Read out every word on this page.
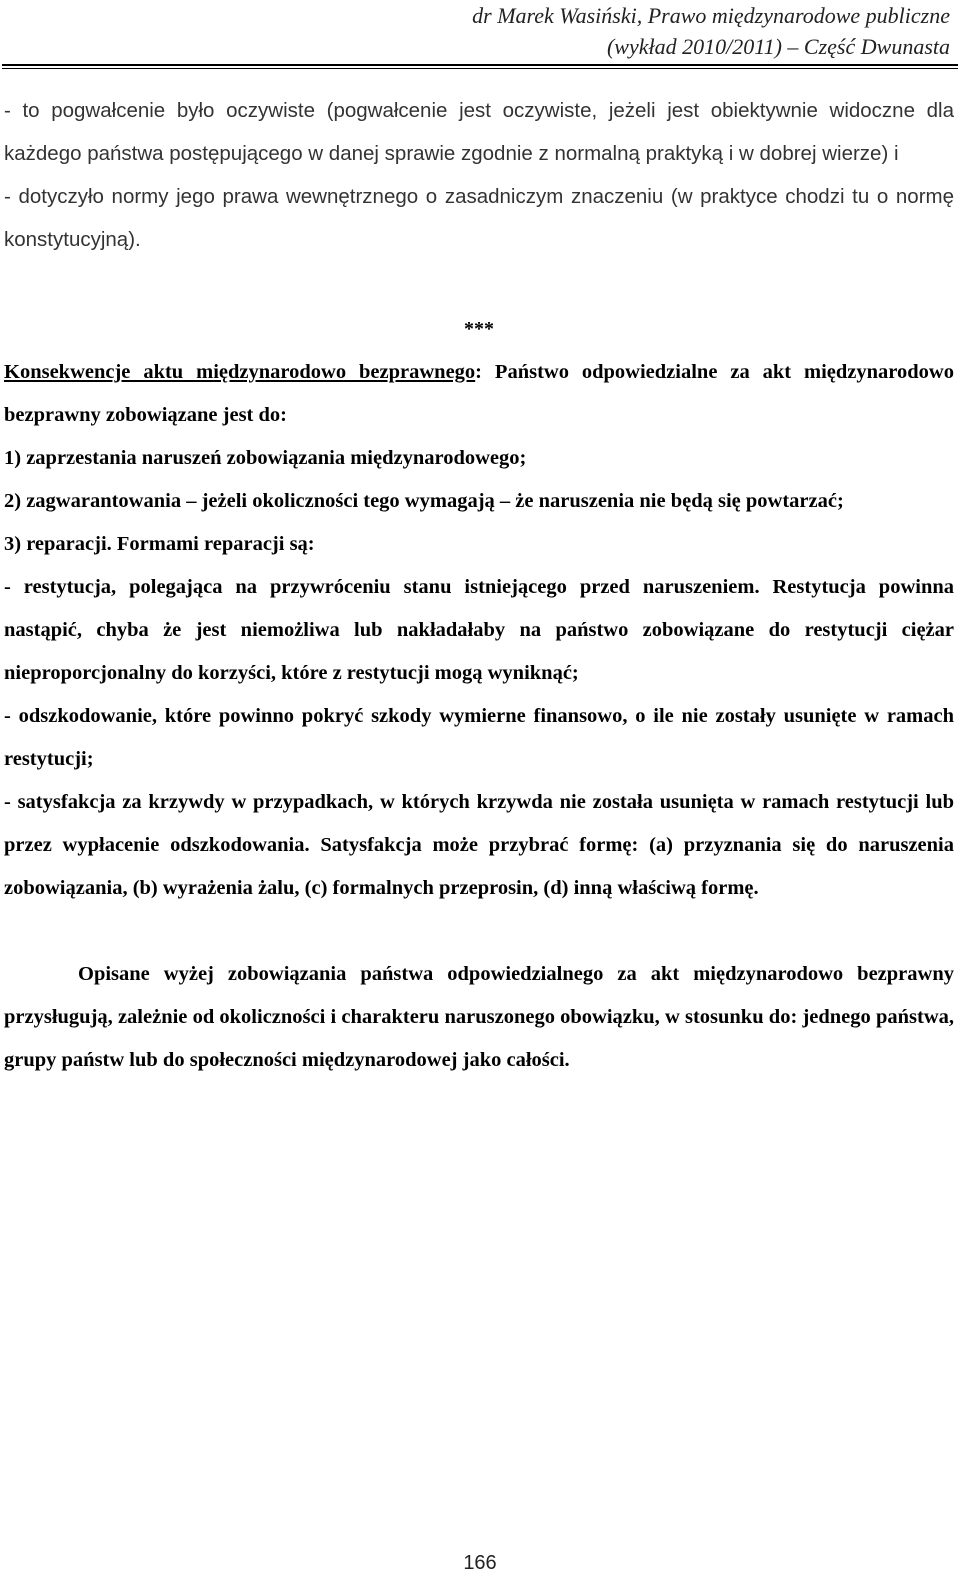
dr Marek Wasiński, Prawo międzynarodowe publiczne
(wykład 2010/2011) – Część Dwunasta

- to pogwałcenie było oczywiste (pogwałcenie jest oczywiste, jeżeli jest obiektywnie widoczne dla każdego państwa postępującego w danej sprawie zgodnie z normalną praktyką i w dobrej wierze) i

- dotyczyło normy jego prawa wewnętrznego o zasadniczym znaczeniu (w praktyce chodzi tu o normę konstytucyjną).

***

Konsekwencje aktu międzynarodowo bezprawnego: Państwo odpowiedzialne za akt międzynarodowo bezprawny zobowiązane jest do:

1) zaprzestania naruszeń zobowiązania międzynarodowego;

2) zagwarantowania – jeżeli okoliczności tego wymagają – że naruszenia nie będą się powtarzać;

3) reparacji. Formami reparacji są:

- restytucja, polegająca na przywróceniu stanu istniejącego przed naruszeniem. Restytucja powinna nastąpić, chyba że jest niemożliwa lub nakładałaby na państwo zobowiązane do restytucji ciężar nieproporcjonalny do korzyści, które z restytucji mogą wyniknąć;

- odszkodowanie, które powinno pokryć szkody wymierne finansowo, o ile nie zostały usunięte w ramach restytucji;

- satysfakcja za krzywdy w przypadkach, w których krzywda nie została usunięta w ramach restytucji lub przez wypłacenie odszkodowania. Satysfakcja może przybrać formę: (a) przyznania się do naruszenia zobowiązania, (b) wyrażenia żalu, (c) formalnych przeprosin, (d) inną właściwą formę.

Opisane wyżej zobowiązania państwa odpowiedzialnego za akt międzynarodowo bezprawny przysługują, zależnie od okoliczności i charakteru naruszonego obowiązku, w stosunku do: jednego państwa, grupy państw lub do społeczności międzynarodowej jako całości.

166
